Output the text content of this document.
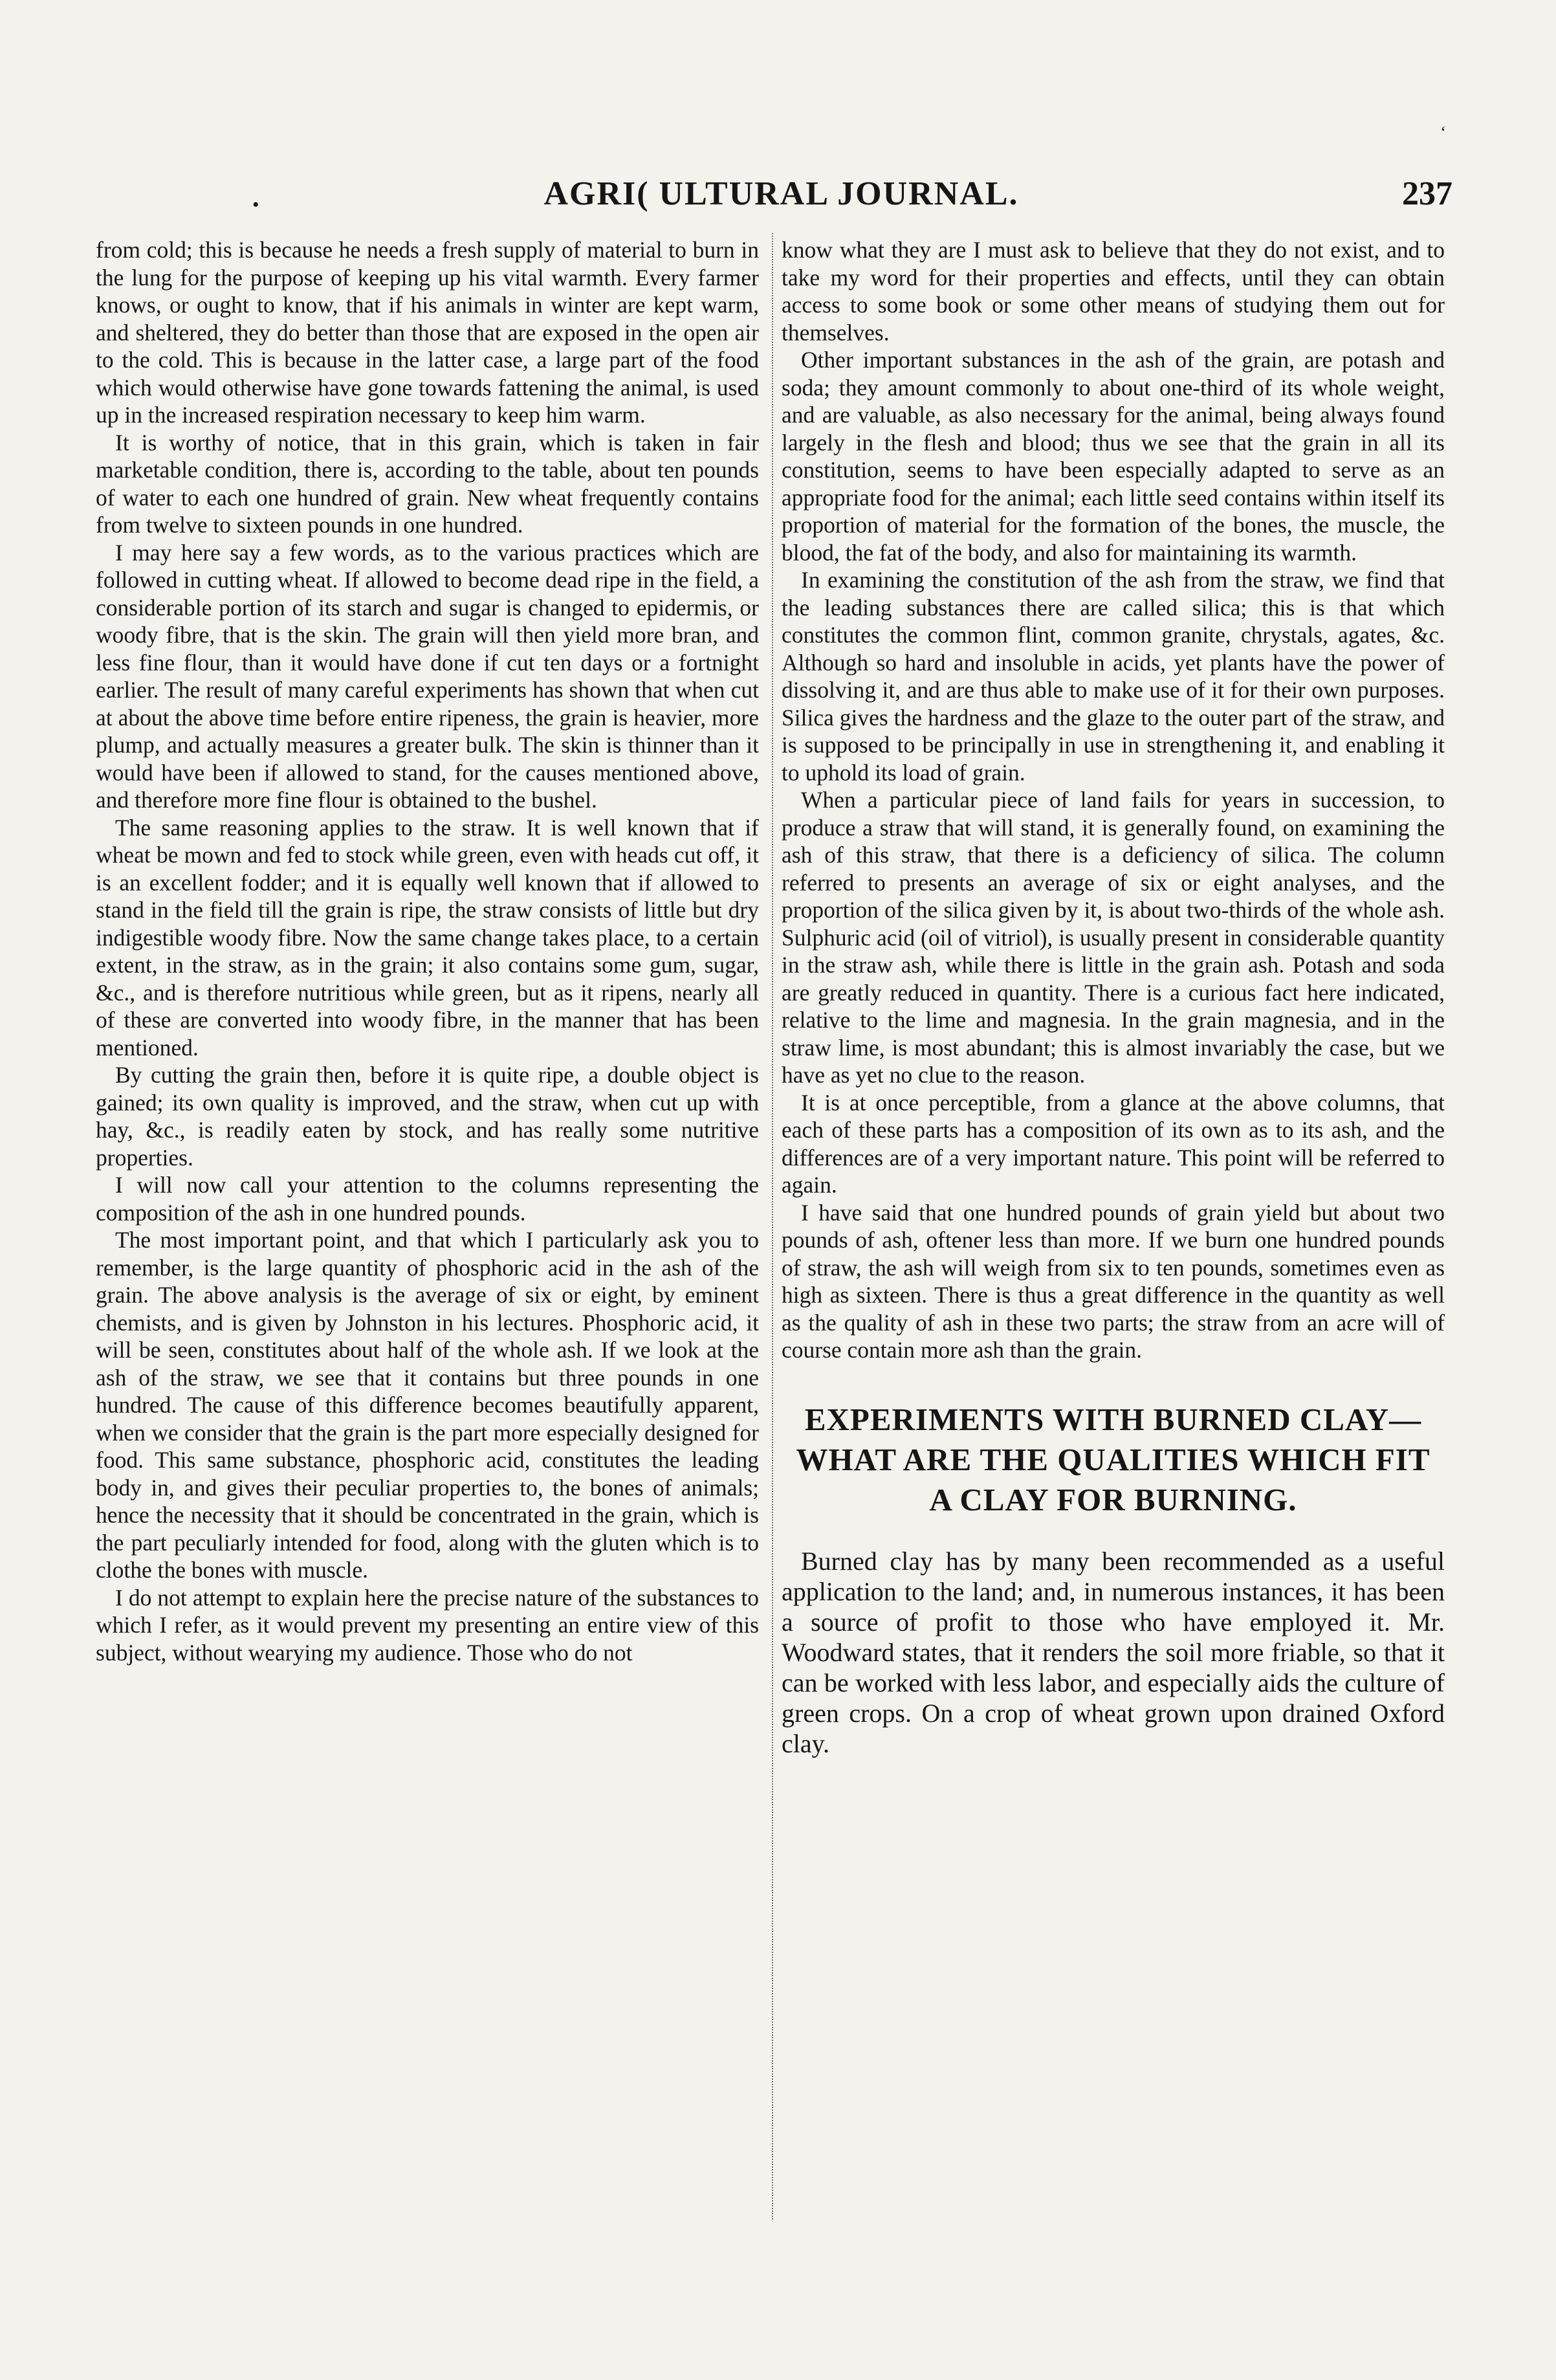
‘
•	AGRI( ULTURAL JOURNAL.	237

from cold; this is because he needs a fresh supply of material to burn in the lung for the purpose of keeping up his vital warmth. Every farmer knows, or ought to know, that if his animals in winter are kept warm, and sheltered, they do better than those that are exposed in the open air to the cold. This is because in the latter case, a large part of the food which would otherwise have gone towards fattening the animal, is used up in the increased respiration necessary to keep him warm.

It is worthy of notice, that in this grain, which is taken in fair marketable condition, there is, according to the table, about ten pounds of water to each one hundred of grain. New wheat frequently contains from twelve to sixteen pounds in one hundred.

I may here say a few words, as to the various practices which are followed in cutting wheat. If allowed to become dead ripe in the field, a considerable portion of its starch and sugar is changed to epidermis, or woody fibre, that is the skin. The grain will then yield more bran, and less fine flour, than it would have done if cut ten days or a fortnight earlier. The result of many careful experiments has shown that when cut at about the above time before entire ripeness, the grain is heavier, more plump, and actually measures a greater bulk. The skin is thinner than it would have been if allowed to stand, for the causes mentioned above, and therefore more fine flour is obtained to the bushel.

The same reasoning applies to the straw. It is well known that if wheat be mown and fed to stock while green, even with heads cut off, it is an excellent fodder; and it is equally well known that if allowed to stand in the field till the grain is ripe, the straw consists of little but dry indigestible woody fibre. Now the same change takes place, to a certain extent, in the straw, as in the grain; it also contains some gum, sugar, &c., and is therefore nutritious while green, but as it ripens, nearly all of these are converted into woody fibre, in the manner that has been mentioned.

By cutting the grain then, before it is quite ripe, a double object is gained; its own quality is improved, and the straw, when cut up with hay, &c., is readily eaten by stock, and has really some nutritive properties.

I will now call your attention to the columns representing the composition of the ash in one hundred pounds.

The most important point, and that which I particularly ask you to remember, is the large quantity of phosphoric acid in the ash of the grain. The above analysis is the average of six or eight, by eminent chemists, and is given by Johnston in his lectures. Phosphoric acid, it will be seen, constitutes about half of the whole ash. If we look at the ash of the straw, we see that it contains but three pounds in one hundred. The cause of this difference becomes beautifully apparent, when we consider that the grain is the part more especially designed for food. This same substance, phosphoric acid, constitutes the leading body in, and gives their peculiar properties to, the bones of animals; hence the necessity that it should be concentrated in the grain, which is the part peculiarly intended for food, along with the gluten which is to clothe the bones with muscle.

I do not attempt to explain here the precise nature of the substances to which I refer, as it would prevent my presenting an entire view of this subject, without wearying my audience. Those who do not

know what they are I must ask to believe that they do not exist, and to take my word for their properties and effects, until they can obtain access to some book or some other means of studying them out for themselves.

Other important substances in the ash of the grain, are potash and soda; they amount commonly to about one-third of its whole weight, and are valuable, as also necessary for the animal, being always found largely in the flesh and blood; thus we see that the grain in all its constitution, seems to have been especially adapted to serve as an appropriate food for the animal; each little seed contains within itself its proportion of material for the formation of the bones, the muscle, the blood, the fat of the body, and also for maintaining its warmth.

In examining the constitution of the ash from the straw, we find that the leading substances there are called silica; this is that which constitutes the common flint, common granite, chrystals, agates, &c. Although so hard and insoluble in acids, yet plants have the power of dissolving it, and are thus able to make use of it for their own purposes. Silica gives the hardness and the glaze to the outer part of the straw, and is supposed to be principally in use in strengthening it, and enabling it to uphold its load of grain.

When a particular piece of land fails for years in succession, to produce a straw that will stand, it is generally found, on examining the ash of this straw, that there is a deficiency of silica. The column referred to presents an average of six or eight analyses, and the proportion of the silica given by it, is about two-thirds of the whole ash. Sulphuric acid (oil of vitriol), is usually present in considerable quantity in the straw ash, while there is little in the grain ash. Potash and soda are greatly reduced in quantity. There is a curious fact here indicated, relative to the lime and magnesia. In the grain magnesia, and in the straw lime, is most abundant; this is almost invariably the case, but we have as yet no clue to the reason.

It is at once perceptible, from a glance at the above columns, that each of these parts has a composition of its own as to its ash, and the differences are of a very important nature. This point will be referred to again.

I have said that one hundred pounds of grain yield but about two pounds of ash, oftener less than more. If we burn one hundred pounds of straw, the ash will weigh from six to ten pounds, sometimes even as high as sixteen. There is thus a great difference in the quantity as well as the quality of ash in these two parts; the straw from an acre will of course contain more ash than the grain.

EXPERIMENTS WITH BURNED CLAY— WHAT ARE THE QUALITIES WHICH FIT A CLAY FOR BURNING.

Burned clay has by many been recommended as a useful application to the land; and, in numerous instances, it has been a source of profit to those who have employed it. Mr. Woodward states, that it renders the soil more friable, so that it can be worked with less labor, and especially aids the culture of green crops. On a crop of wheat grown upon drained Oxford clay.
